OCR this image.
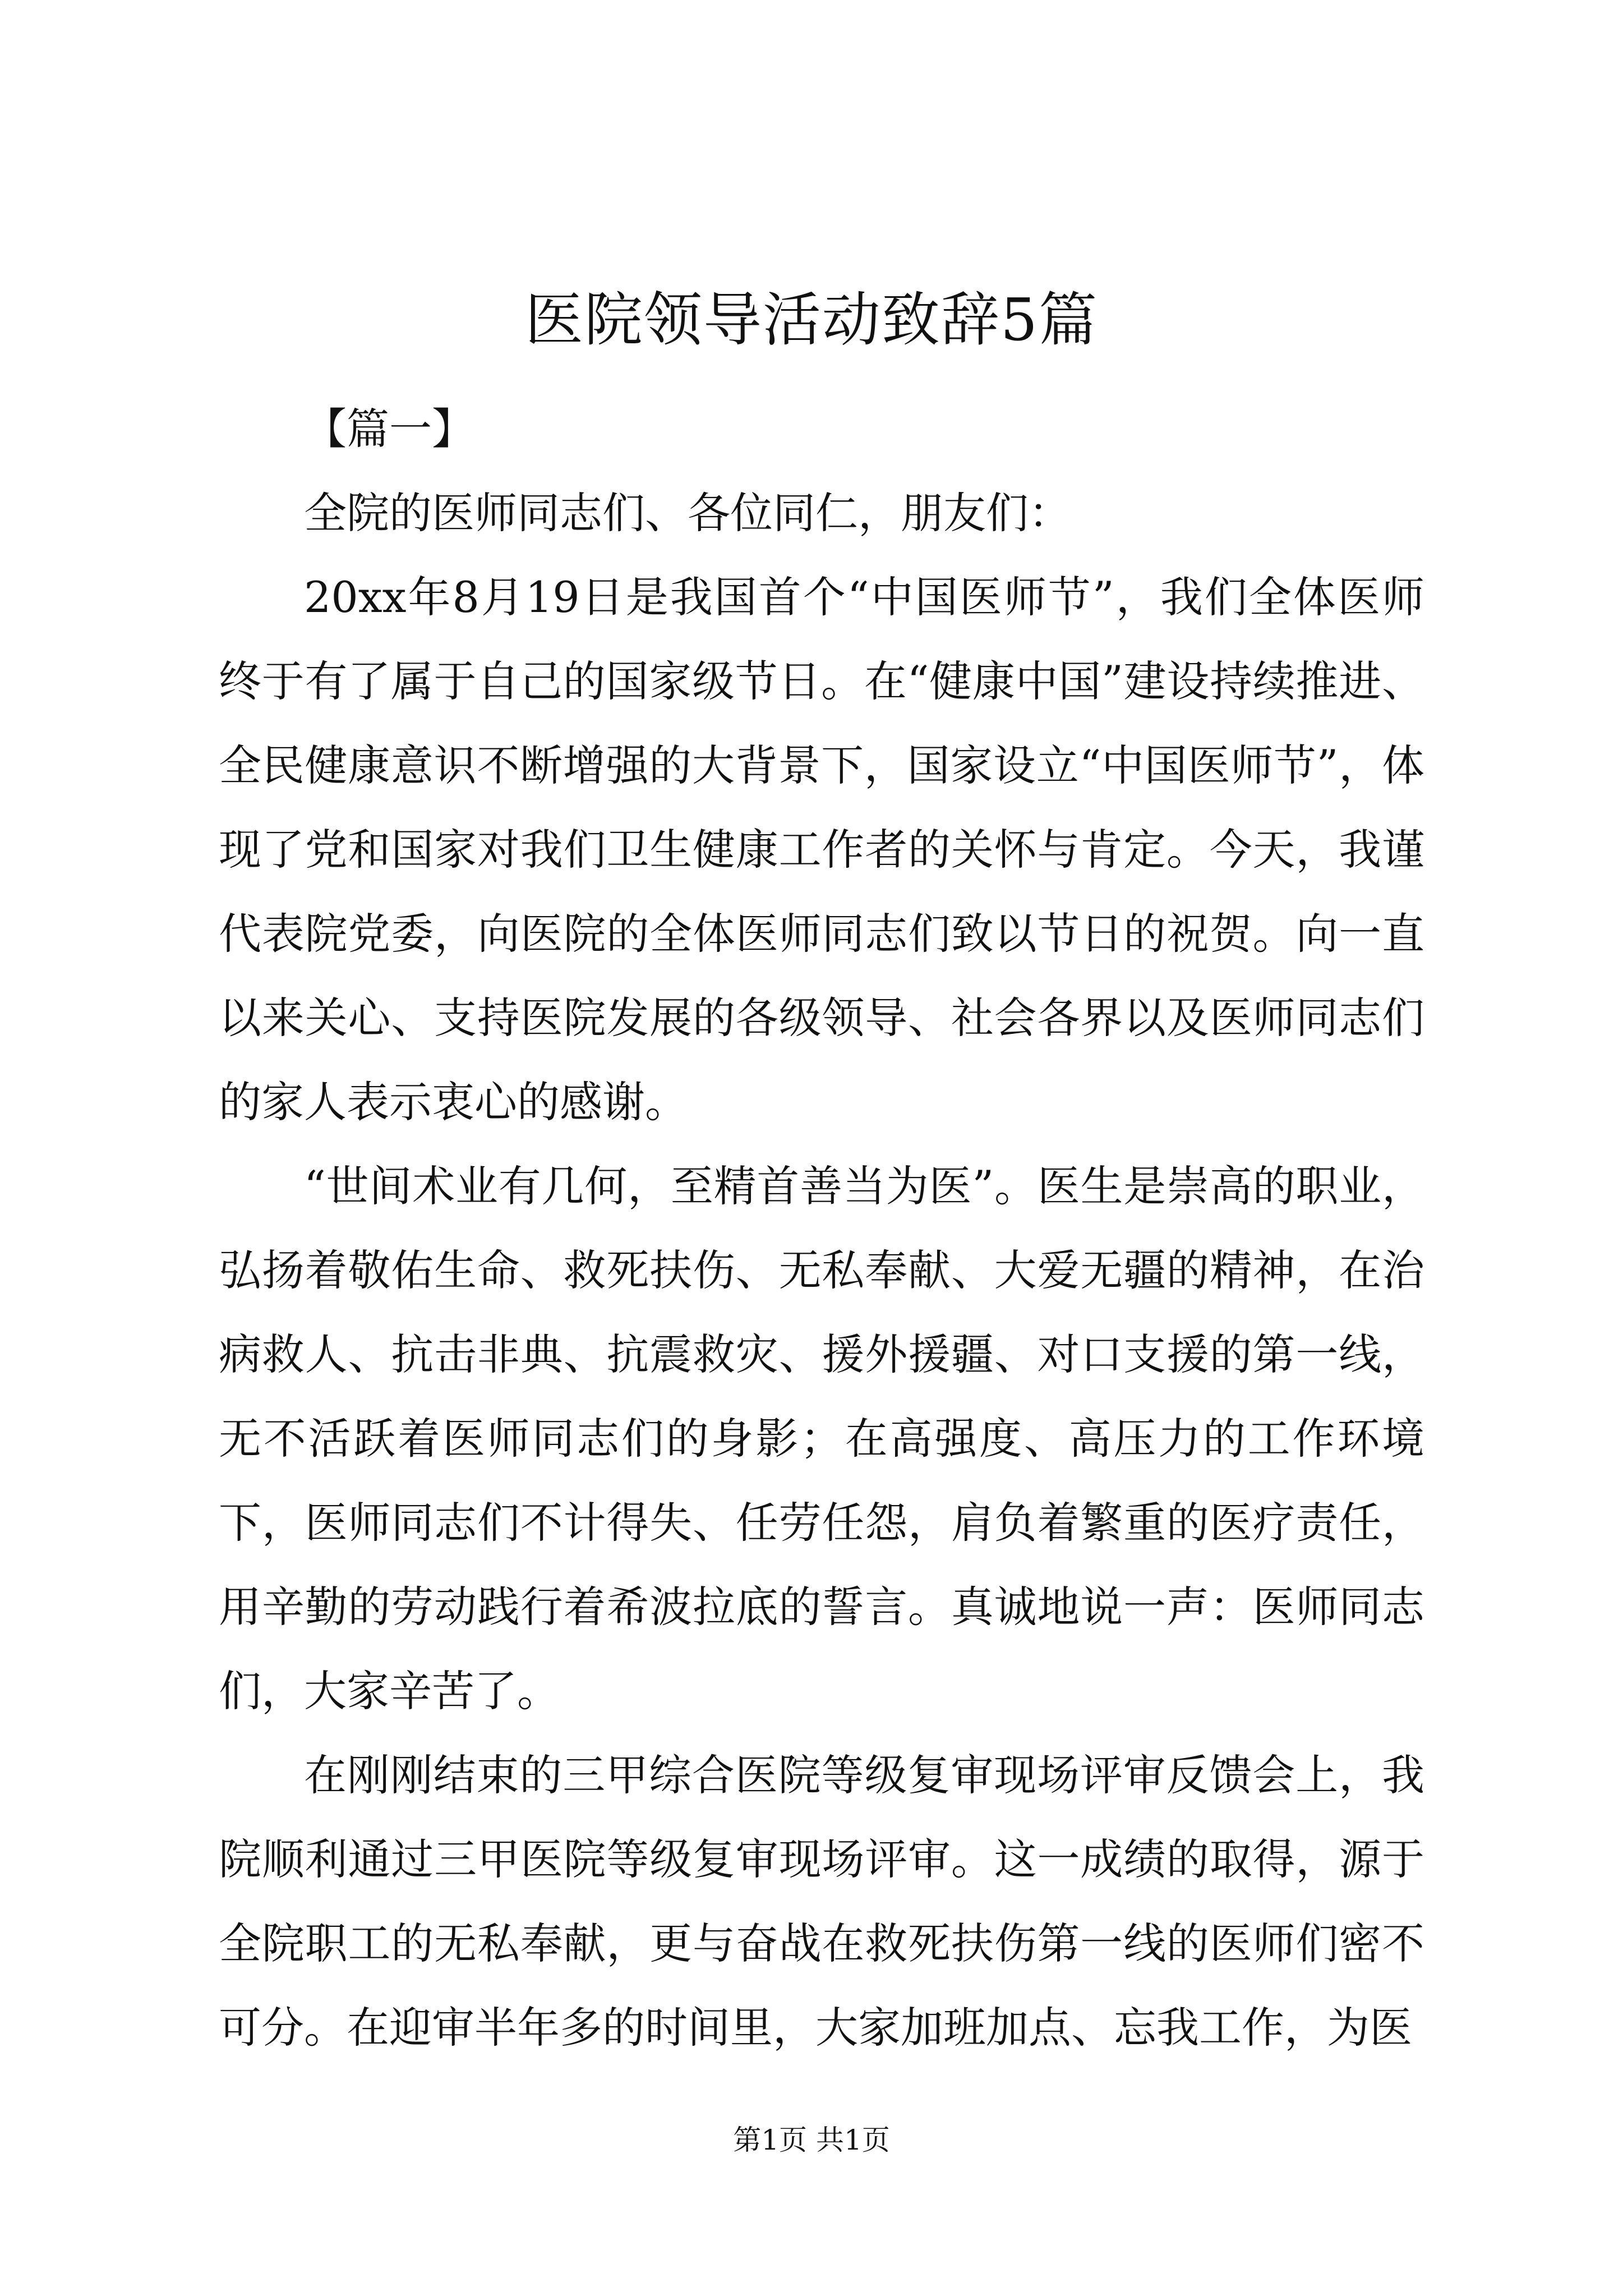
医院领导活动致辞5篇

【篇一】

全院的医师同志们、各位同仁，朋友们：

20xx年8月19日是我国首个“中国医师节”，我们全体医师终于有了属于自己的国家级节日。在“健康中国”建设持续推进、全民健康意识不断增强的大背景下，国家设立“中国医师节”，体现了党和国家对我们卫生健康工作者的关怀与肯定。今天，我谨代表院党委，向医院的全体医师同志们致以节日的祝贺。向一直以来关心、支持医院发展的各级领导、社会各界以及医师同志们的家人表示衷心的感谢。

“世间术业有几何，至精首善当为医”。医生是崇高的职业，弘扬着敬佑生命、救死扶伤、无私奉献、大爱无疆的精神，在治病救人、抗击非典、抗震救灾、援外援疆、对口支援的第一线，无不活跃着医师同志们的身影；在高强度、高压力的工作环境下，医师同志们不计得失、任劳任怨，肩负着繁重的医疗责任，用辛勤的劳动践行着希波拉底的誓言。真诚地说一声：医师同志们，大家辛苦了。

在刚刚结束的三甲综合医院等级复审现场评审反馈会上，我院顺利通过三甲医院等级复审现场评审。这一成绩的取得，源于全院职工的无私奉献，更与奋战在救死扶伤第一线的医师们密不可分。在迎审半年多的时间里，大家加班加点、忘我工作，为医

第1页 共1页
